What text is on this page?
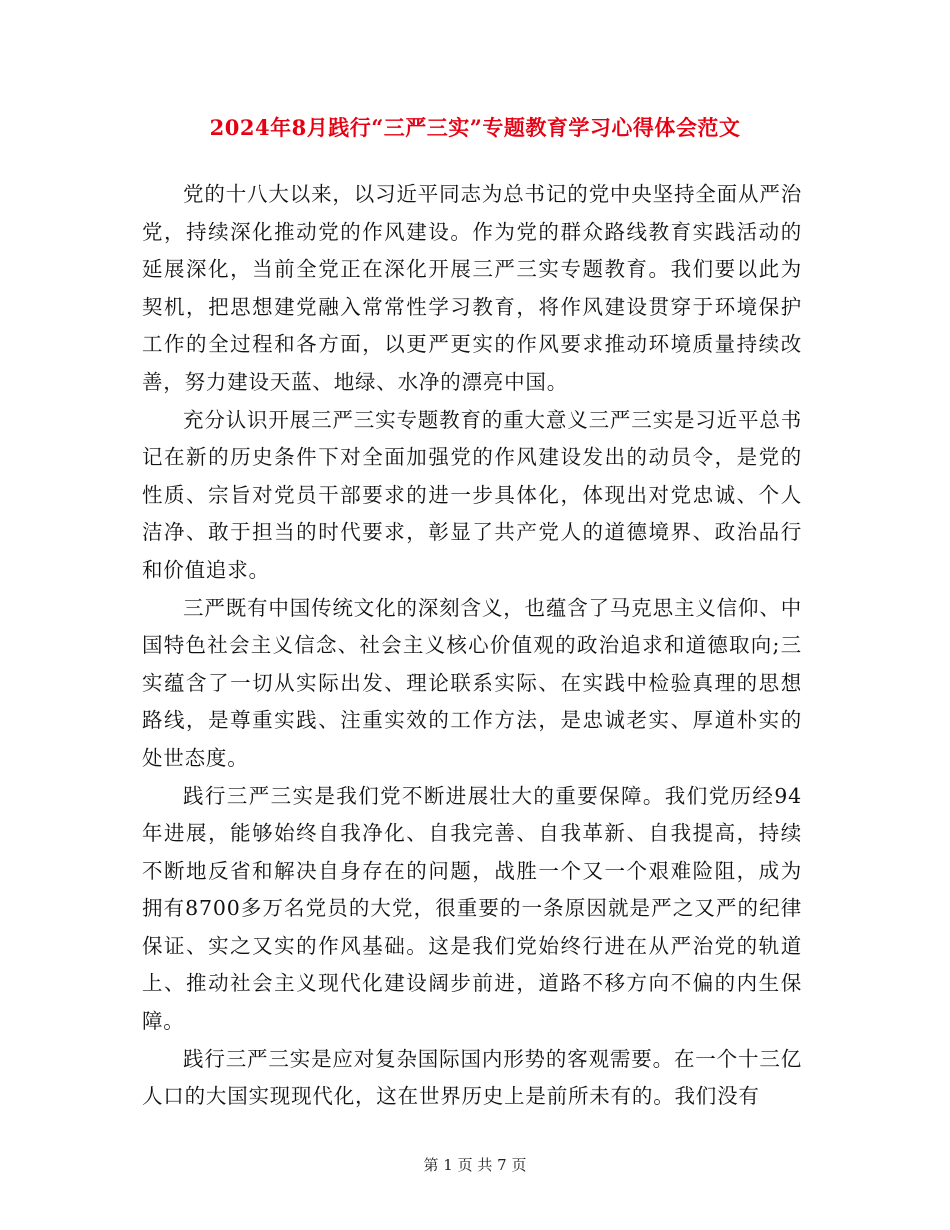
2024年8月践行“三严三实”专题教育学习心得体会范文

党的十八大以来，以习近平同志为总书记的党中央坚持全面从严治党，持续深化推动党的作风建设。作为党的群众路线教育实践活动的延展深化，当前全党正在深化开展三严三实专题教育。我们要以此为契机，把思想建党融入常常性学习教育，将作风建设贯穿于环境保护工作的全过程和各方面，以更严更实的作风要求推动环境质量持续改善，努力建设天蓝、地绿、水净的漂亮中国。

充分认识开展三严三实专题教育的重大意义三严三实是习近平总书记在新的历史条件下对全面加强党的作风建设发出的动员令，是党的性质、宗旨对党员干部要求的进一步具体化，体现出对党忠诚、个人洁净、敢于担当的时代要求，彰显了共产党人的道德境界、政治品行和价值追求。

三严既有中国传统文化的深刻含义，也蕴含了马克思主义信仰、中国特色社会主义信念、社会主义核心价值观的政治追求和道德取向;三实蕴含了一切从实际出发、理论联系实际、在实践中检验真理的思想路线，是尊重实践、注重实效的工作方法，是忠诚老实、厚道朴实的处世态度。

践行三严三实是我们党不断进展壮大的重要保障。我们党历经94年进展，能够始终自我净化、自我完善、自我革新、自我提高，持续不断地反省和解决自身存在的问题，战胜一个又一个艰难险阻，成为拥有8700多万名党员的大党，很重要的一条原因就是严之又严的纪律保证、实之又实的作风基础。这是我们党始终行进在从严治党的轨道上、推动社会主义现代化建设阔步前进，道路不移方向不偏的内生保障。

践行三严三实是应对复杂国际国内形势的客观需要。在一个十三亿人口的大国实现现代化，这在世界历史上是前所未有的。我们没有

第 1 页 共 7 页
